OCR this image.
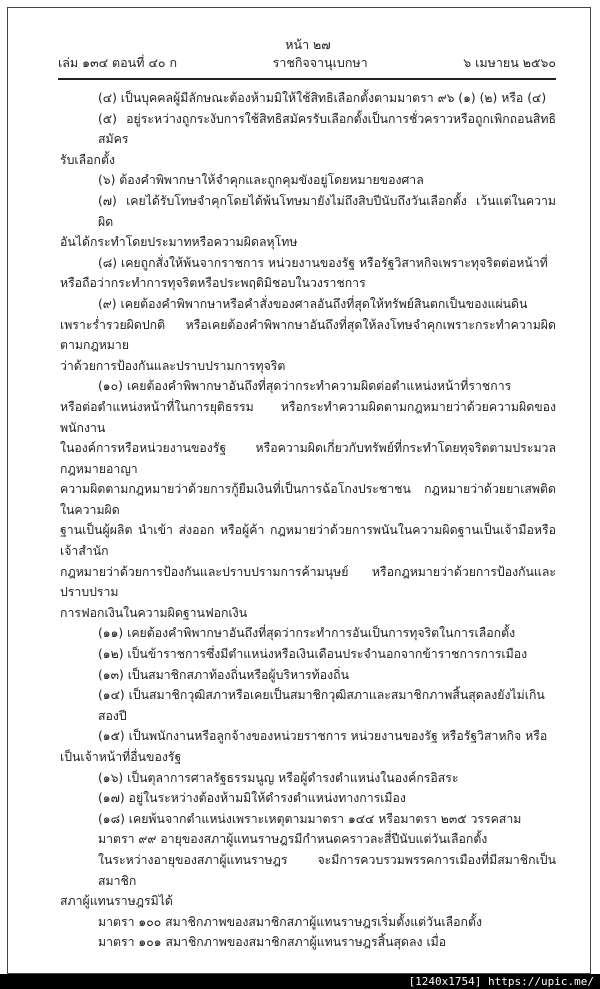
หน้า ๒๗
เล่ม ๑๓๔ ตอนที่ ๔๐ ก	ราชกิจจานุเบกษา	๖ เมษายน ๒๕๖๐
(๔) เป็นบุคคลผู้มีลักษณะต้องห้ามมิให้ใช้สิทธิเลือกตั้งตามมาตรา ๙๖ (๑) (๒) หรือ (๔)
(๕) อยู่ระหว่างถูกระงับการใช้สิทธิสมัครรับเลือกตั้งเป็นการชั่วคราวหรือถูกเพิกถอนสิทธิสมัคร
รับเลือกตั้ง
(๖) ต้องคำพิพากษาให้จำคุกและถูกคุมขังอยู่โดยหมายของศาล
(๗) เคยได้รับโทษจำคุกโดยได้พ้นโทษมายังไม่ถึงสิบปีนับถึงวันเลือกตั้ง เว้นแต่ในความผิด
อันได้กระทำโดยประมาทหรือความผิดลหุโทษ
(๘) เคยถูกสั่งให้พ้นจากราชการ หน่วยงานของรัฐ หรือรัฐวิสาหกิจเพราะทุจริตต่อหน้าที่
หรือถือว่ากระทำการทุจริตหรือประพฤติมิชอบในวงราชการ
(๙) เคยต้องคำพิพากษาหรือคำสั่งของศาลอันถึงที่สุดให้ทรัพย์สินตกเป็นของแผ่นดิน
เพราะร่ำรวยผิดปกติ หรือเคยต้องคำพิพากษาอันถึงที่สุดให้ลงโทษจำคุกเพราะกระทำความผิดตามกฎหมาย
ว่าด้วยการป้องกันและปราบปรามการทุจริต
(๑๐) เคยต้องคำพิพากษาอันถึงที่สุดว่ากระทำความผิดต่อตำแหน่งหน้าที่ราชการ
หรือต่อตำแหน่งหน้าที่ในการยุติธรรม หรือกระทำความผิดตามกฎหมายว่าด้วยความผิดของพนักงาน
ในองค์การหรือหน่วยงานของรัฐ หรือความผิดเกี่ยวกับทรัพย์ที่กระทำโดยทุจริตตามประมวลกฎหมายอาญา
ความผิดตามกฎหมายว่าด้วยการกู้ยืมเงินที่เป็นการฉ้อโกงประชาชน กฎหมายว่าด้วยยาเสพติดในความผิด
ฐานเป็นผู้ผลิต นำเข้า ส่งออก หรือผู้ค้า กฎหมายว่าด้วยการพนันในความผิดฐานเป็นเจ้ามือหรือเจ้าสำนัก
กฎหมายว่าด้วยการป้องกันและปราบปรามการค้ามนุษย์ หรือกฎหมายว่าด้วยการป้องกันและปราบปราม
การฟอกเงินในความผิดฐานฟอกเงิน
(๑๑) เคยต้องคำพิพากษาอันถึงที่สุดว่ากระทำการอันเป็นการทุจริตในการเลือกตั้ง
(๑๒) เป็นข้าราชการซึ่งมีตำแหน่งหรือเงินเดือนประจำนอกจากข้าราชการการเมือง
(๑๓) เป็นสมาชิกสภาท้องถิ่นหรือผู้บริหารท้องถิ่น
(๑๔) เป็นสมาชิกวุฒิสภาหรือเคยเป็นสมาชิกวุฒิสภาและสมาชิกภาพสิ้นสุดลงยังไม่เกินสองปี
(๑๕) เป็นพนักงานหรือลูกจ้างของหน่วยราชการ หน่วยงานของรัฐ หรือรัฐวิสาหกิจ หรือ
เป็นเจ้าหน้าที่อื่นของรัฐ
(๑๖) เป็นตุลาการศาลรัฐธรรมนูญ หรือผู้ดำรงตำแหน่งในองค์กรอิสระ
(๑๗) อยู่ในระหว่างต้องห้ามมิให้ดำรงตำแหน่งทางการเมือง
(๑๘) เคยพ้นจากตำแหน่งเพราะเหตุตามมาตรา ๑๔๔ หรือมาตรา ๒๓๕ วรรคสาม
มาตรา ๙๙ อายุของสภาผู้แทนราษฎรมีกำหนดคราวละสี่ปีนับแต่วันเลือกตั้ง
ในระหว่างอายุของสภาผู้แทนราษฎร จะมีการควบรวมพรรคการเมืองที่มีสมาชิกเป็นสมาชิก
สภาผู้แทนราษฎรมิได้
มาตรา ๑๐๐ สมาชิกภาพของสมาชิกสภาผู้แทนราษฎรเริ่มตั้งแต่วันเลือกตั้ง
มาตรา ๑๐๑ สมาชิกภาพของสมาชิกสภาผู้แทนราษฎรสิ้นสุดลง เมื่อ
[1240x1754] https://upic.me/
